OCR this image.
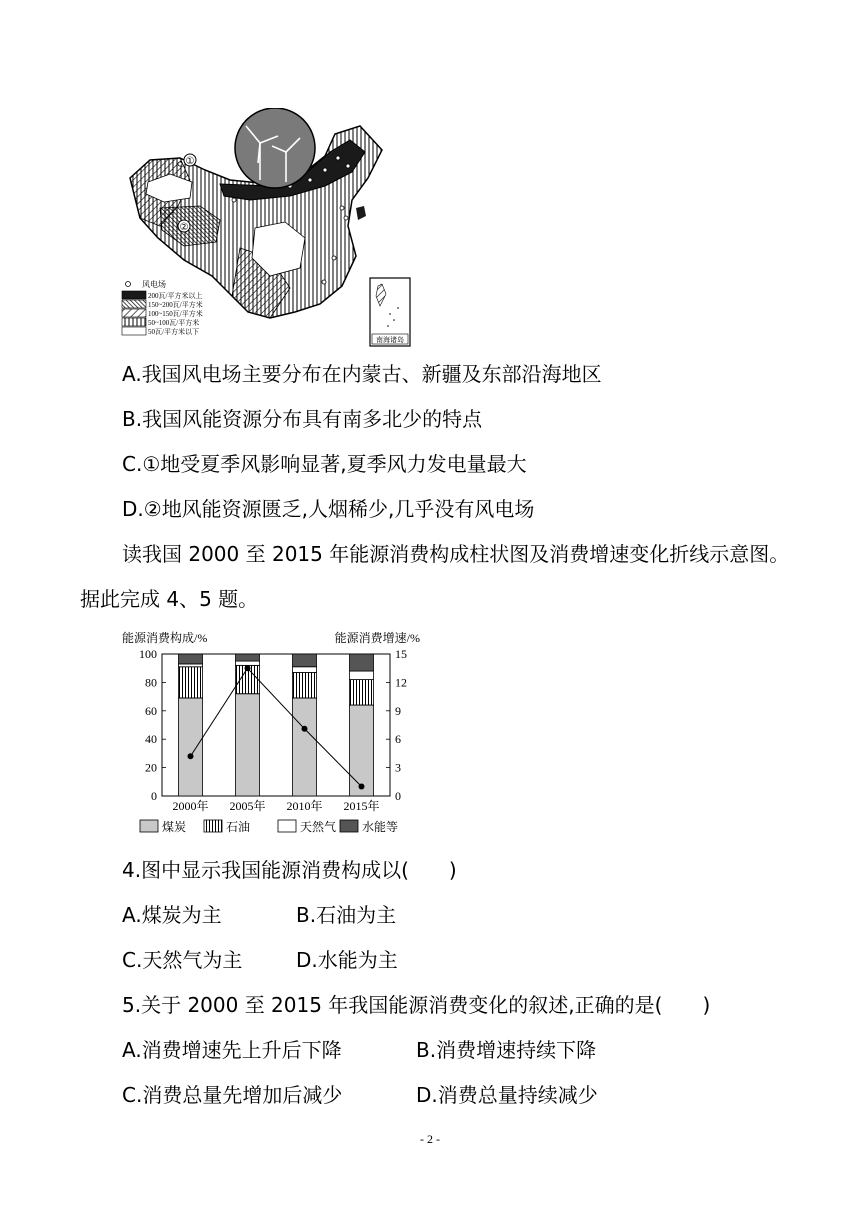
①
②
南海诸岛
风电场
200瓦/平方米以上
150~200瓦/平方米
100~150瓦/平方米
50~100瓦/平方米
50瓦/平方米以下
A.我国风电场主要分布在内蒙古、新疆及东部沿海地区
B.我国风能资源分布具有南多北少的特点
C.①地受夏季风影响显著,夏季风力发电量最大
D.②地风能资源匮乏,人烟稀少,几乎没有风电场
读我国 2000 至 2015 年能源消费构成柱状图及消费增速变化折线示意图。
据此完成 4、5 题。
能源消费构成/%	能源消费增速/%
0
20
40
60
80
100
0
3
6
9
12
15
2000年 2005年 2010年 2015年
煤炭	石油	天然气 水能等
4.图中显示我国能源消费构成以(  )
A.煤炭为主	B.石油为主
C.天然气为主	D.水能为主
5.关于 2000 至 2015 年我国能源消费变化的叙述,正确的是(  )
A.消费增速先上升后下降	B.消费增速持续下降
C.消费总量先增加后减少	D.消费总量持续减少
- 2 -
